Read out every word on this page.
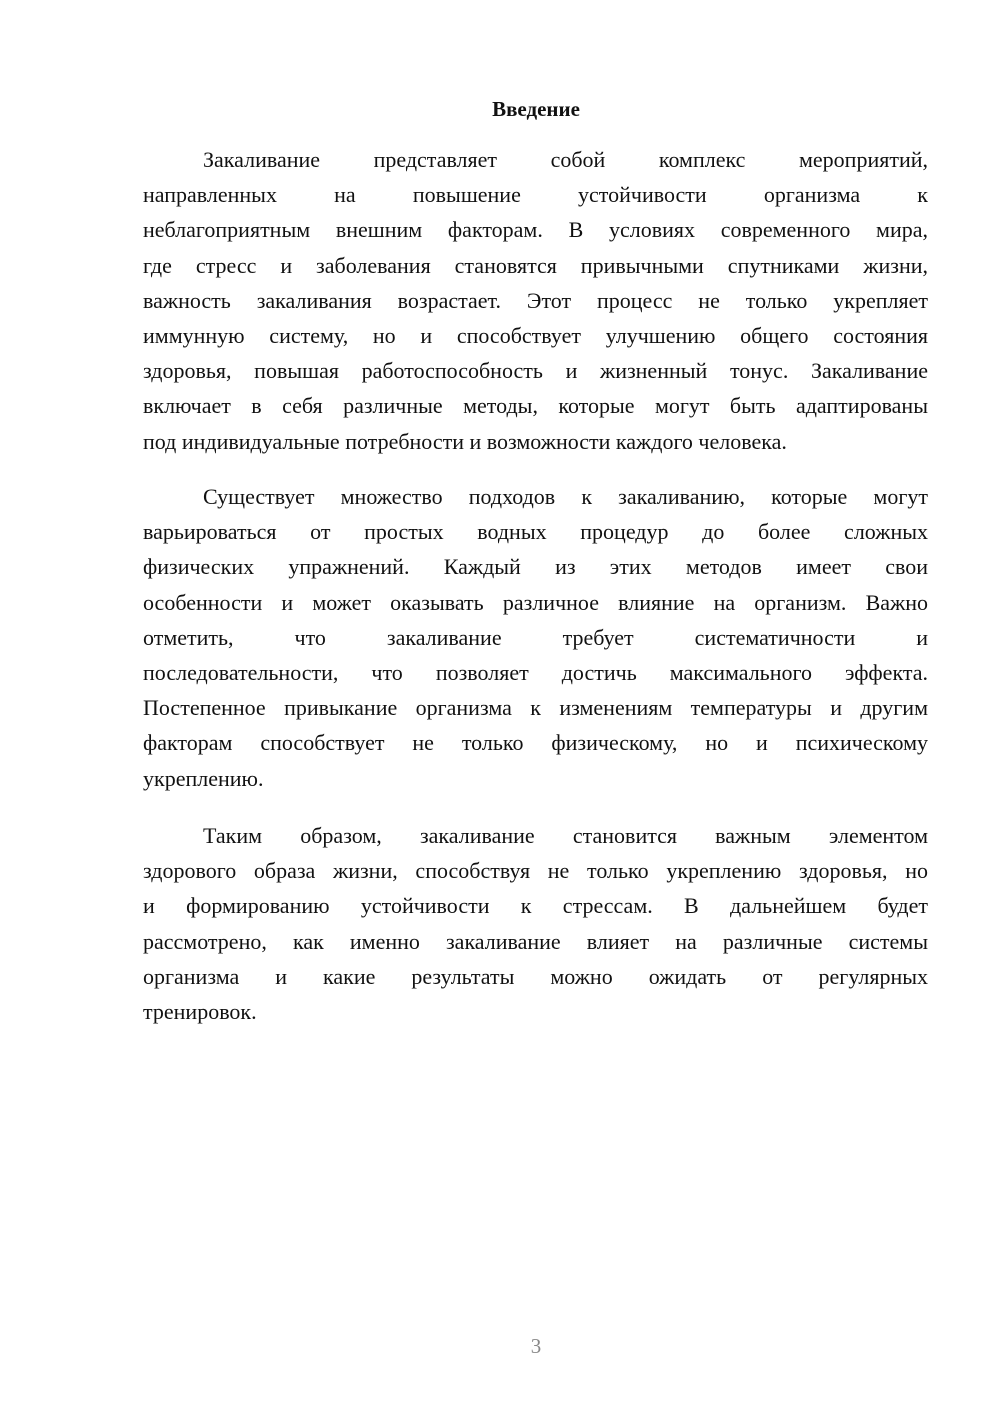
Введение
Закаливание представляет собой комплекс мероприятий,
направленных на повышение устойчивости организма к
неблагоприятным внешним факторам. В условиях современного мира,
где стресс и заболевания становятся привычными спутниками жизни,
важность закаливания возрастает. Этот процесс не только укрепляет
иммунную систему, но и способствует улучшению общего состояния
здоровья, повышая работоспособность и жизненный тонус. Закаливание
включает в себя различные методы, которые могут быть адаптированы
под индивидуальные потребности и возможности каждого человека.
Существует множество подходов к закаливанию, которые могут
варьироваться от простых водных процедур до более сложных
физических упражнений. Каждый из этих методов имеет свои
особенности и может оказывать различное влияние на организм. Важно
отметить, что закаливание требует систематичности и
последовательности, что позволяет достичь максимального эффекта.
Постепенное привыкание организма к изменениям температуры и другим
факторам способствует не только физическому, но и психическому
укреплению.
Таким образом, закаливание становится важным элементом
здорового образа жизни, способствуя не только укреплению здоровья, но
и формированию устойчивости к стрессам. В дальнейшем будет
рассмотрено, как именно закаливание влияет на различные системы
организма и какие результаты можно ожидать от регулярных
тренировок.
3
